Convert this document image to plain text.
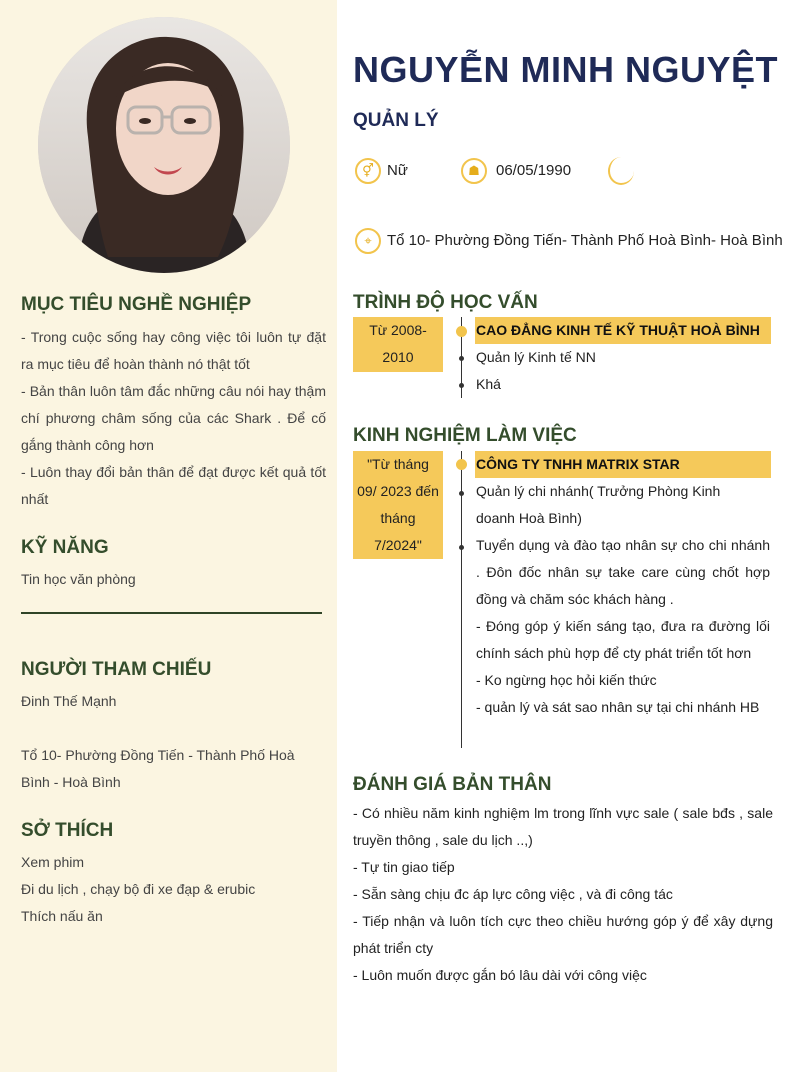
MỤC TIÊU NGHỀ NGHIỆP
- Trong cuộc sống hay công việc tôi luôn tự đặt ra mục tiêu để hoàn thành nó thật tốt
- Bản thân luôn tâm đắc những câu nói hay thậm chí phương châm sống của các Shark . Để cố gắng thành công hơn
- Luôn thay đổi bản thân để đạt được kết quả tốt nhất
KỸ NĂNG
Tin học văn phòng
NGƯỜI THAM CHIẾU
Đinh Thế Mạnh
Tổ 10- Phường Đồng Tiến - Thành Phố Hoà Bình - Hoà Bình
SỞ THÍCH
Xem phim
Đi du lịch , chạy bộ đi xe đạp & erubic
Thích nấu ăn
NGUYỄN MINH NGUYỆT
QUẢN LÝ
⚥ Nữ	☗	06/05/1990
⌖	Tổ 10- Phường Đồng Tiến- Thành Phố Hoà Bình- Hoà Bình
TRÌNH ĐỘ HỌC VẤN
Từ 2008-2010
CAO ĐẲNG KINH TẾ KỸ THUẬT HOÀ BÌNH
Quản lý Kinh tế NN
Khá
KINH NGHIỆM LÀM VIỆC
"Từ tháng 09/ 2023 đến tháng 7/2024"
CÔNG TY TNHH MATRIX STAR
Quản lý chi nhánh( Trưởng Phòng Kinh doanh Hoà Bình)
Tuyển dụng và đào tạo nhân sự cho chi nhánh . Đôn đốc nhân sự take care cùng chốt hợp đồng và chăm sóc khách hàng .
- Đóng góp ý kiến sáng tạo, đưa ra đường lối chính sách phù hợp để cty phát triển tốt hơn
- Ko ngừng học hỏi kiến thức
- quản lý và sát sao nhân sự tại chi nhánh HB
ĐÁNH GIÁ BẢN THÂN
- Có nhiều năm kinh nghiệm lm trong lĩnh vực sale ( sale bđs , sale truyền thông , sale du lịch ..,)
- Tự tin giao tiếp
- Sẵn sàng chịu đc áp lực công việc , và đi công tác
- Tiếp nhận và luôn tích cực theo chiều hướng góp ý để xây dựng phát triển cty
- Luôn muốn được gắn bó lâu dài với công việc
